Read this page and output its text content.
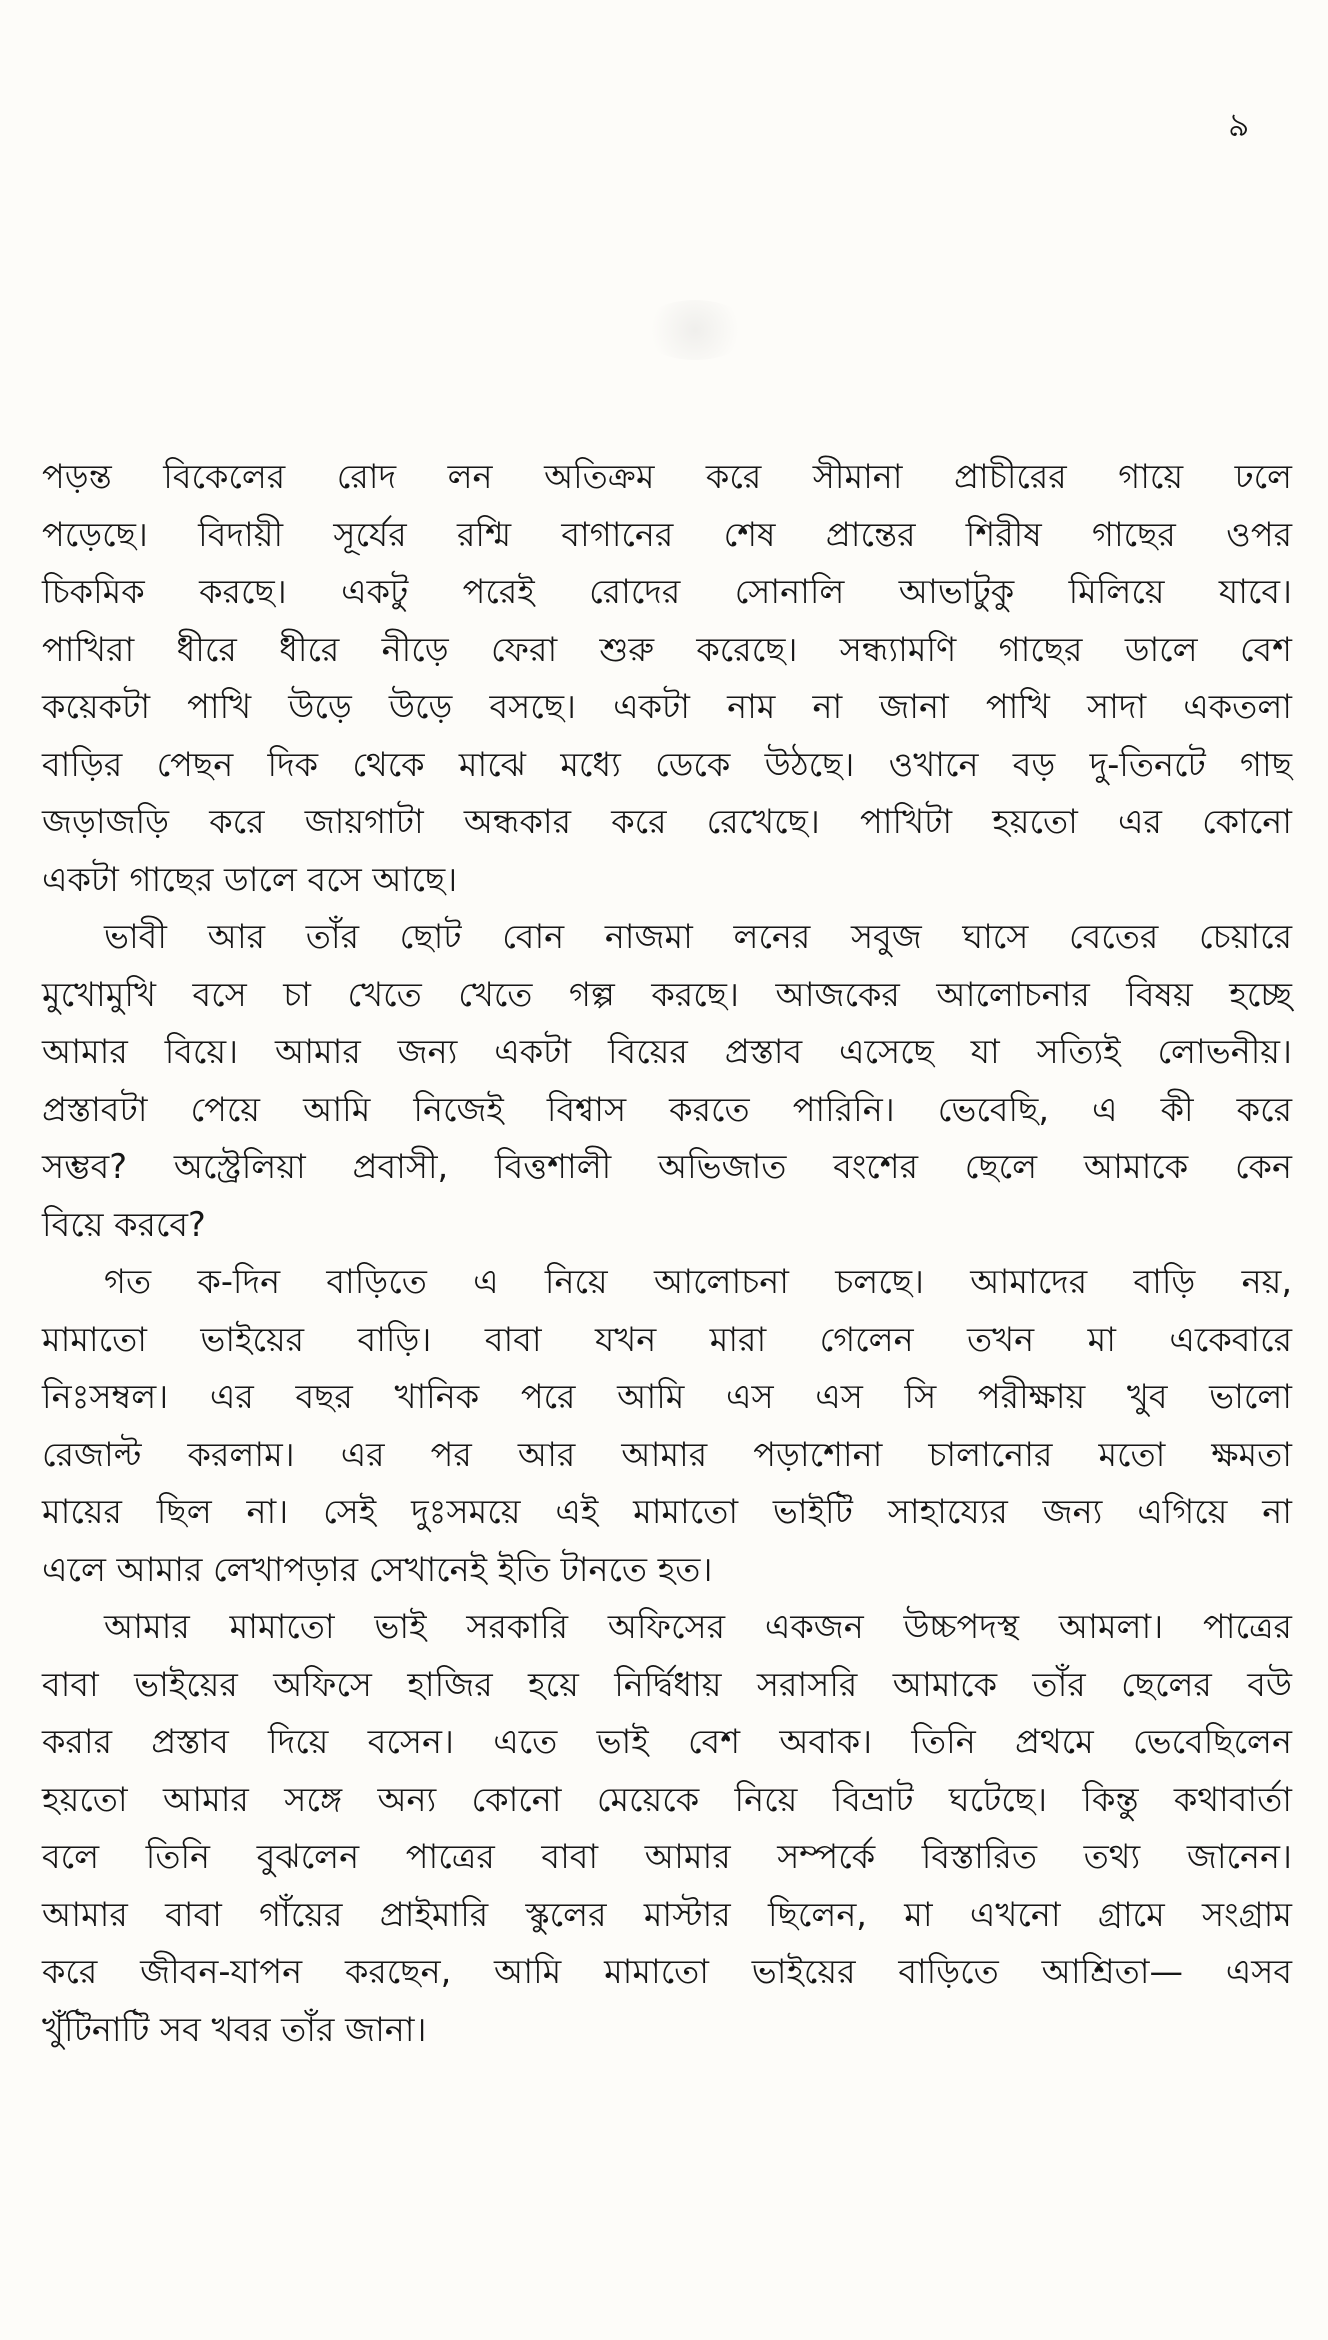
৯
পড়ন্ত বিকেলের রোদ লন অতিক্রম করে সীমানা প্রাচীরের গায়ে ঢলে
পড়েছে। বিদায়ী সূর্যের রশ্মি বাগানের শেষ প্রান্তের শিরীষ গাছের ওপর
চিকমিক করছে। একটু পরেই রোদের সোনালি আভাটুকু মিলিয়ে যাবে।
পাখিরা ধীরে ধীরে নীড়ে ফেরা শুরু করেছে। সন্ধ্যামণি গাছের ডালে বেশ
কয়েকটা পাখি উড়ে উড়ে বসছে। একটা নাম না জানা পাখি সাদা একতলা
বাড়ির পেছন দিক থেকে মাঝে মধ্যে ডেকে উঠছে। ওখানে বড় দু-তিনটে গাছ
জড়াজড়ি করে জায়গাটা অন্ধকার করে রেখেছে। পাখিটা হয়তো এর কোনো
একটা গাছের ডালে বসে আছে।
ভাবী আর তাঁর ছোট বোন নাজমা লনের সবুজ ঘাসে বেতের চেয়ারে
মুখোমুখি বসে চা খেতে খেতে গল্প করছে। আজকের আলোচনার বিষয় হচ্ছে
আমার বিয়ে। আমার জন্য একটা বিয়ের প্রস্তাব এসেছে যা সত্যিই লোভনীয়।
প্রস্তাবটা পেয়ে আমি নিজেই বিশ্বাস করতে পারিনি। ভেবেছি, এ কী করে
সম্ভব? অস্ট্রেলিয়া প্রবাসী, বিত্তশালী অভিজাত বংশের ছেলে আমাকে কেন
বিয়ে করবে?
গত ক-দিন বাড়িতে এ নিয়ে আলোচনা চলছে। আমাদের বাড়ি নয়,
মামাতো ভাইয়ের বাড়ি। বাবা যখন মারা গেলেন তখন মা একেবারে
নিঃসম্বল। এর বছর খানিক পরে আমি এস এস সি পরীক্ষায় খুব ভালো
রেজাল্ট করলাম। এর পর আর আমার পড়াশোনা চালানোর মতো ক্ষমতা
মায়ের ছিল না। সেই দুঃসময়ে এই মামাতো ভাইটি সাহায্যের জন্য এগিয়ে না
এলে আমার লেখাপড়ার সেখানেই ইতি টানতে হত।
আমার মামাতো ভাই সরকারি অফিসের একজন উচ্চপদস্থ আমলা। পাত্রের
বাবা ভাইয়ের অফিসে হাজির হয়ে নির্দ্বিধায় সরাসরি আমাকে তাঁর ছেলের বউ
করার প্রস্তাব দিয়ে বসেন। এতে ভাই বেশ অবাক। তিনি প্রথমে ভেবেছিলেন
হয়তো আমার সঙ্গে অন্য কোনো মেয়েকে নিয়ে বিভ্রাট ঘটেছে। কিন্তু কথাবার্তা
বলে তিনি বুঝলেন পাত্রের বাবা আমার সম্পর্কে বিস্তারিত তথ্য জানেন।
আমার বাবা গাঁয়ের প্রাইমারি স্কুলের মাস্টার ছিলেন, মা এখনো গ্রামে সংগ্রাম
করে জীবন-যাপন করছেন, আমি মামাতো ভাইয়ের বাড়িতে আশ্রিতা— এসব
খুঁটিনাটি সব খবর তাঁর জানা।
